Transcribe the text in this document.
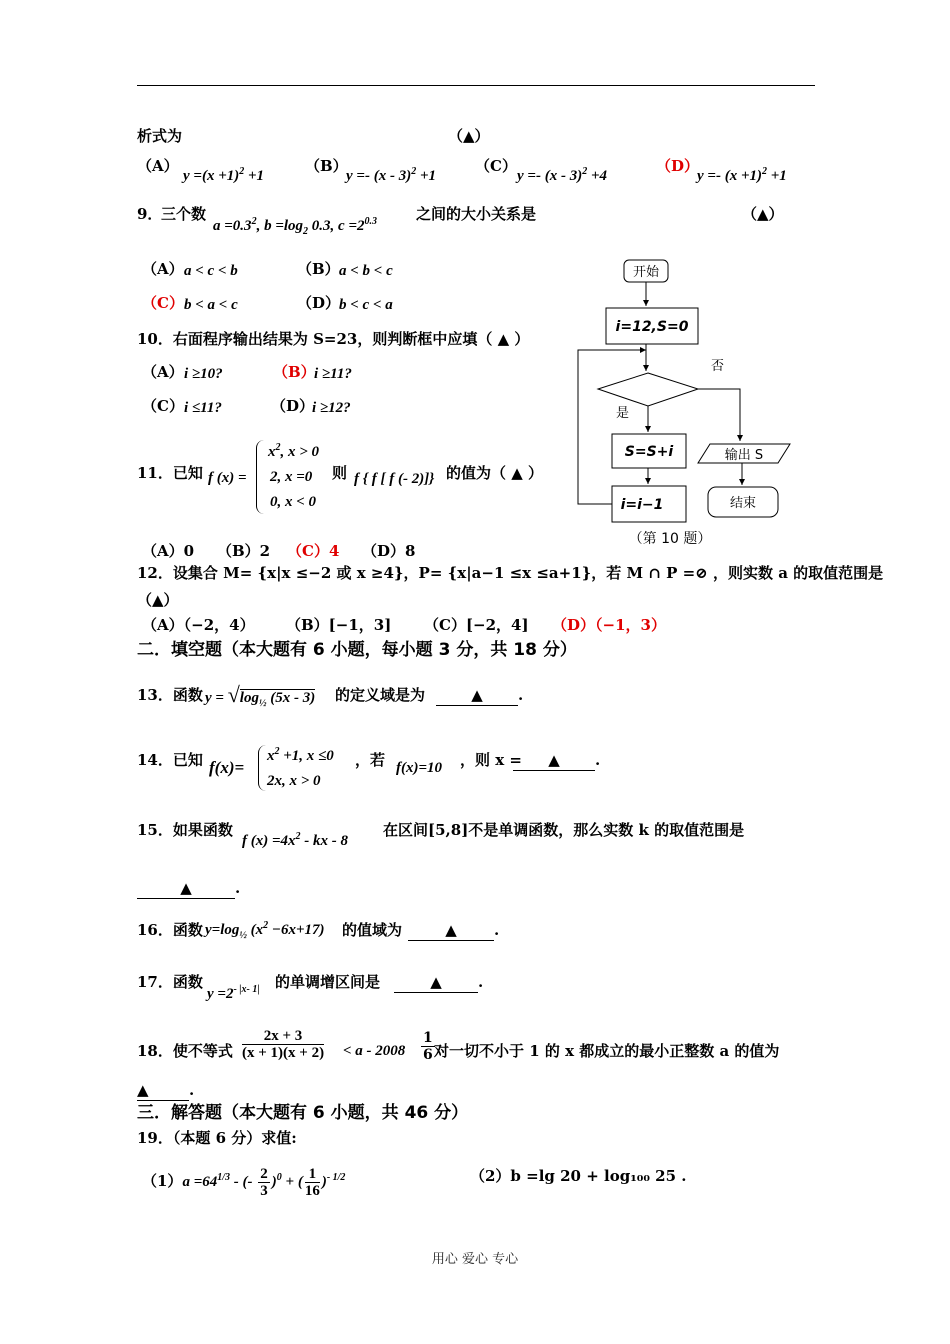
析式为	（▲）
（A）
$y =(x +1)^2 +1$
（B）
y =- (x - 3)$^2$ +1
（C）
y =- (x - 3)$^2$ +4
（D）
$y =- (x +1)^2 +1$
9．
三个数
$a =0.3^2$, $b =\log_2$ 0.3, $c =2^{0.3}$	之间的大小关系是	（▲）
（A） a < c < b	（B） a < b < c
（C） b < a < c	（D）
b < c < a
10．右面程序输出结果为 S=23，则判断框中应填（ ▲ ）
（A） i ≥10?	（B）
i ≥11?
（C） i ≤11?	（D）
i ≥12?
开始
i=12,S=0
否
是
S=S+i
i=i−1
输出 S
结束
（第 10 题）
11．已知 f (x) =
$x^2$, x > 0
2, x =0
0, x < 0
则 f { f [ f (- 2)]} 的值为（ ▲ ）
（A）0 （B）2 （C）4 （D）8
12．设集合 M= {x|x ≤−2 或 x ≥4}，P= {x|a−1 ≤x ≤a+1}，若 M ∩ P =⊘ ，则实数 a 的取值范围是
（▲）
（A）（−2，4） （B）[−1，3] （C）[−2，4] （D）（−1，3）
二．填空题（本大题有 6 小题，每小题 3 分，共 18 分）
13．函数 $y = √\log_{\frac{1}{2}}$ (5x - 3) 的定义域是为	▲ .
14．已知 f(x)=
$x^2 +1$, x ≤0
2x, x > 0
，若 f(x)=10 ，则 x =	▲ .
15．如果函数
f $(x) =4x^2$ - kx - 8
在区间[5,8]不是单调函数，那么实数 k 的取值范围是
▲	.
16．函数 $y=\log_{\frac{1}{2}}$ $(x^2 -6x+17)$ 的值域为	▲ .
17．函数
$y =2^{- |x- 1|}$ 的单调增区间是	▲ .
18．使不等式 $\frac{2x + 3}{(x + 1)(x + 2)} < a - 2008 \frac{1}{6}$ 对一切不小于 1 的 x 都成立的最小正整数 a 的值为
▲	.
三．解答题（本大题有 6 小题，共 46 分）
19．（本题 6 分）求值:
$(1)a =64^{1/3}$ - (- $\frac{2}{3} )^0$ + ( $\frac{1}{16} )^{- 1/2}$	（2）b =lg 20 + log₁₀₀ 25 .
用心 爱心 专心
